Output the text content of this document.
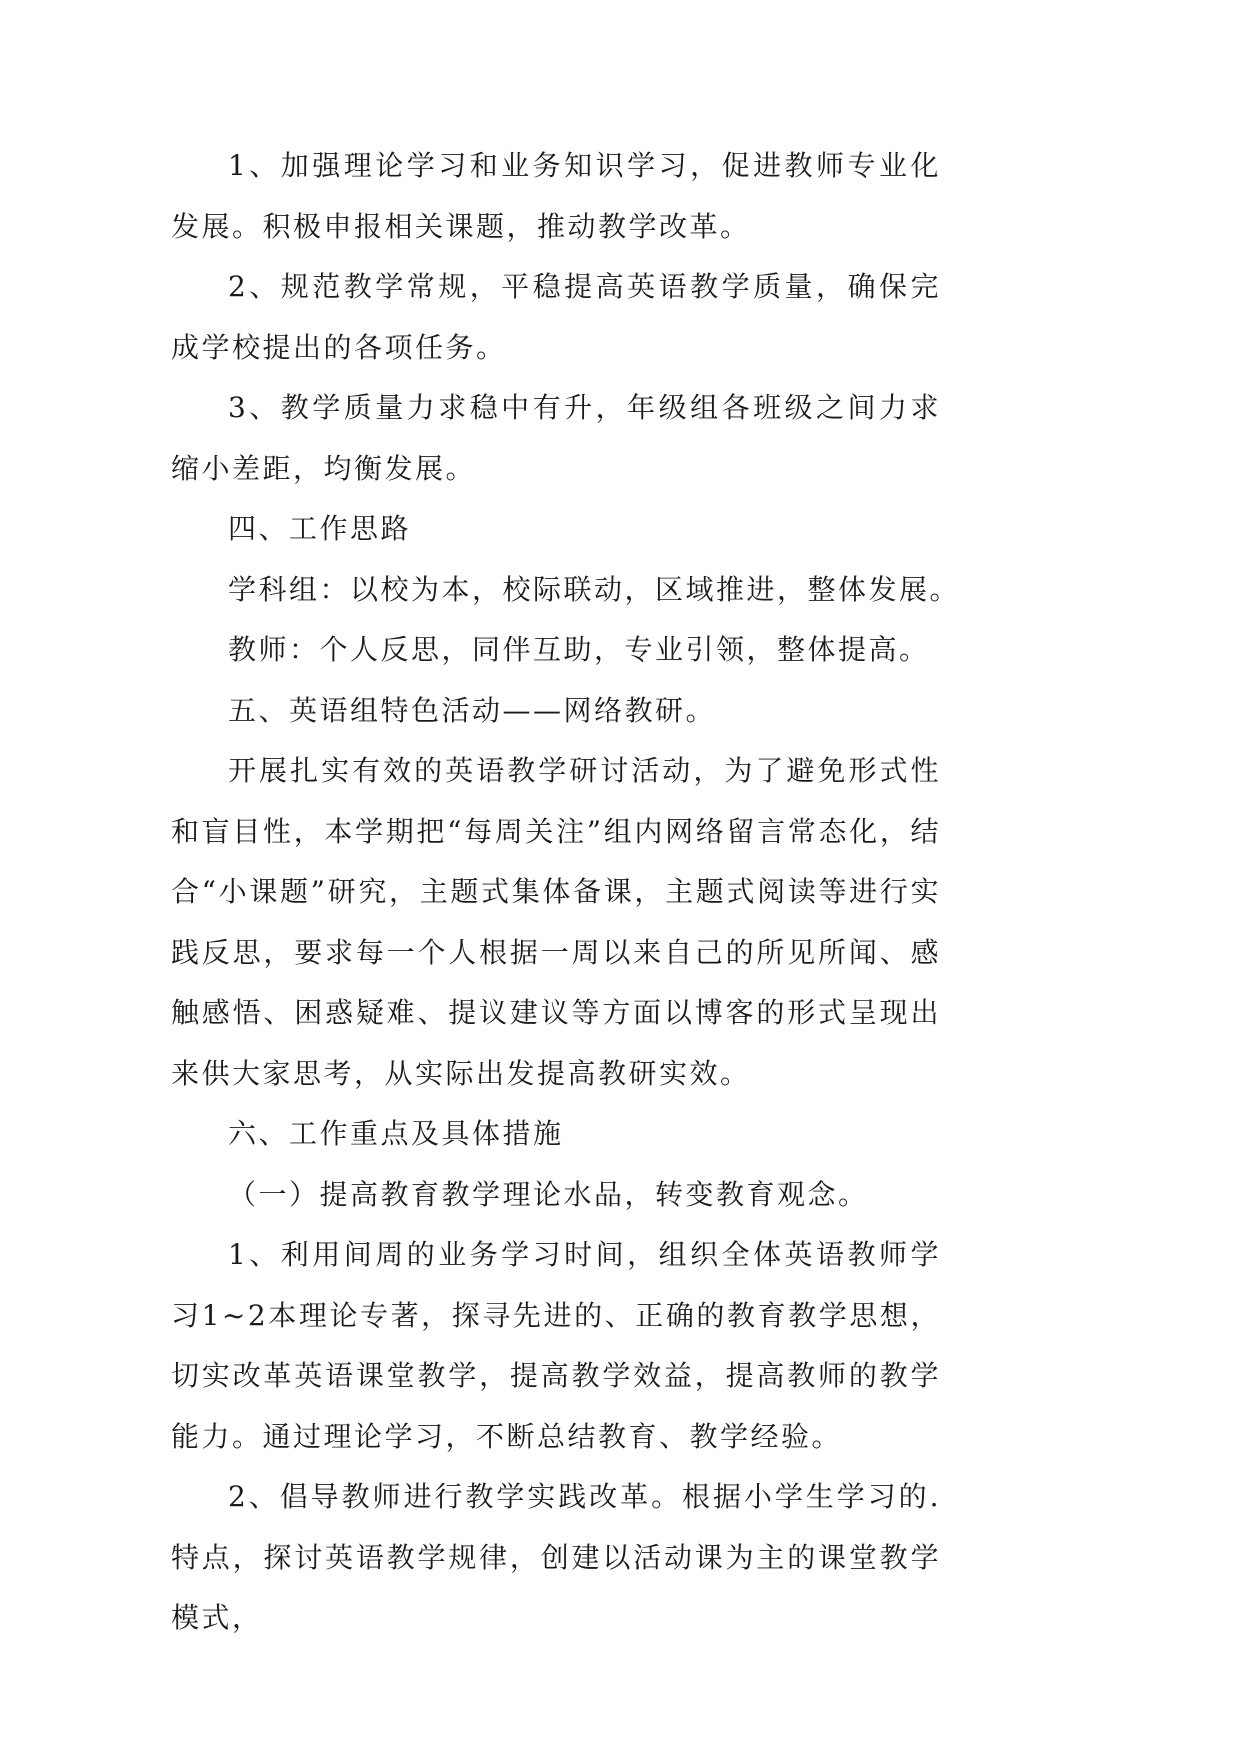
1、加强理论学习和业务知识学习，促进教师专业化发展。积极申报相关课题，推动教学改革。

2、规范教学常规，平稳提高英语教学质量，确保完成学校提出的各项任务。

3、教学质量力求稳中有升，年级组各班级之间力求缩小差距，均衡发展。

四、工作思路

学科组：以校为本，校际联动，区域推进，整体发展。

教师：个人反思，同伴互助，专业引领，整体提高。

五、英语组特色活动——网络教研。

开展扎实有效的英语教学研讨活动，为了避免形式性和盲目性，本学期把“每周关注”组内网络留言常态化，结合“小课题”研究，主题式集体备课，主题式阅读等进行实践反思，要求每一个人根据一周以来自己的所见所闻、感触感悟、困惑疑难、提议建议等方面以博客的形式呈现出来供大家思考，从实际出发提高教研实效。

六、工作重点及具体措施

（一）提高教育教学理论水品，转变教育观念。

1、利用间周的业务学习时间，组织全体英语教师学习1~2本理论专著，探寻先进的、正确的教育教学思想，切实改革英语课堂教学，提高教学效益，提高教师的教学能力。通过理论学习，不断总结教育、教学经验。

2、倡导教师进行教学实践改革。根据小学生学习的.特点，探讨英语教学规律，创建以活动课为主的课堂教学模式，
